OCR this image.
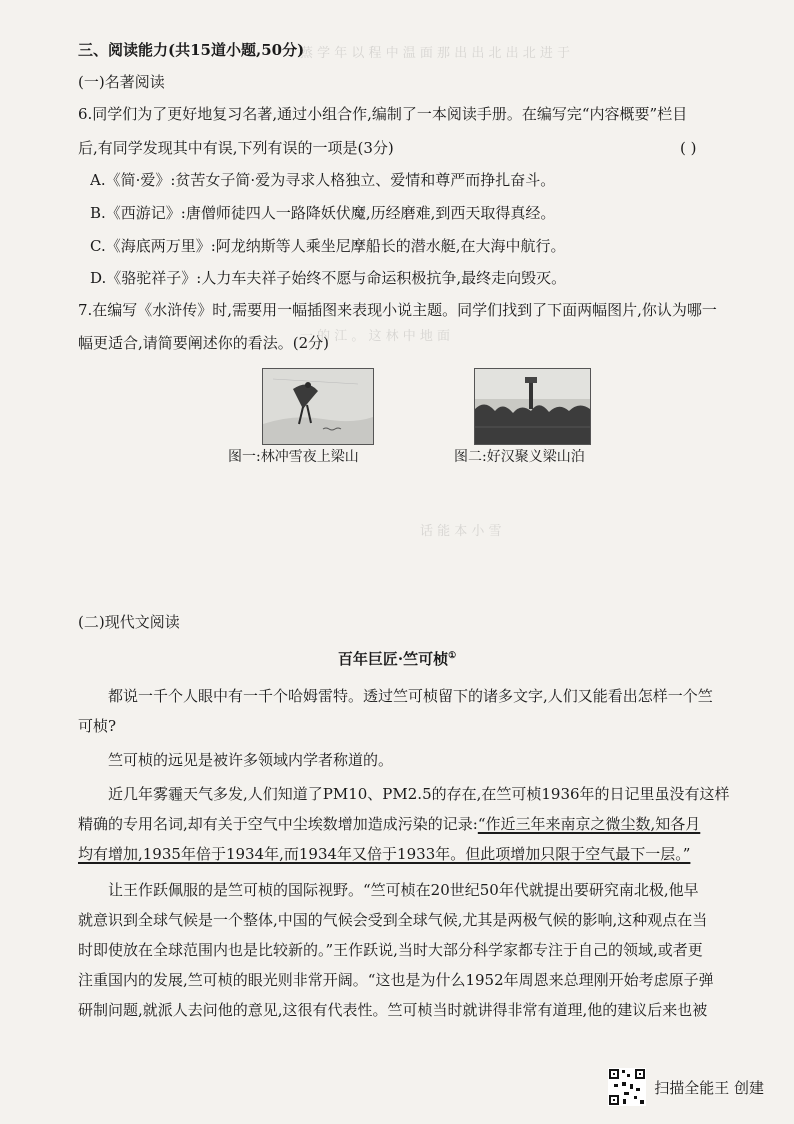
蒸 学 年 以 程 中 温 面 那 出 出 北 出 北 进 于
一 的 江 。 这 林 中 地 面
话 能 本 小 雪
三、阅读能力(共15道小题,50分)
(一)名著阅读
6.同学们为了更好地复习名著,通过小组合作,编制了一本阅读手册。在编写完“内容概要”栏目
后,有同学发现其中有误,下列有误的一项是(3分)	( )
A.《简·爱》:贫苦女子简·爱为寻求人格独立、爱情和尊严而挣扎奋斗。
B.《西游记》:唐僧师徒四人一路降妖伏魔,历经磨难,到西天取得真经。
C.《海底两万里》:阿龙纳斯等人乘坐尼摩船长的潜水艇,在大海中航行。
D.《骆驼祥子》:人力车夫祥子始终不愿与命运积极抗争,最终走向毁灭。
7.在编写《水浒传》时,需要用一幅插图来表现小说主题。同学们找到了下面两幅图片,你认为哪一
幅更适合,请简要阐述你的看法。(2分)
图一:林冲雪夜上梁山	图二:好汉聚义梁山泊
(二)现代文阅读
百年巨匠·竺可桢①
都说一千个人眼中有一千个哈姆雷特。透过竺可桢留下的诸多文字,人们又能看出怎样一个竺
可桢?
竺可桢的远见是被许多领域内学者称道的。
近几年雾霾天气多发,人们知道了PM10、PM2.5的存在,在竺可桢1936年的日记里虽没有这样
精确的专用名词,却有关于空气中尘埃数增加造成污染的记录:“作近三年来南京之微尘数,知各月
均有增加,1935年倍于1934年,而1934年又倍于1933年。但此项增加只限于空气最下一层。”
让王作跃佩服的是竺可桢的国际视野。“竺可桢在20世纪50年代就提出要研究南北极,他早
就意识到全球气候是一个整体,中国的气候会受到全球气候,尤其是两极气候的影响,这种观点在当
时即使放在全球范围内也是比较新的。”王作跃说,当时大部分科学家都专注于自己的领域,或者更
注重国内的发展,竺可桢的眼光则非常开阔。“这也是为什么1952年周恩来总理刚开始考虑原子弹
研制问题,就派人去问他的意见,这很有代表性。竺可桢当时就讲得非常有道理,他的建议后来也被
扫描全能王 创建
